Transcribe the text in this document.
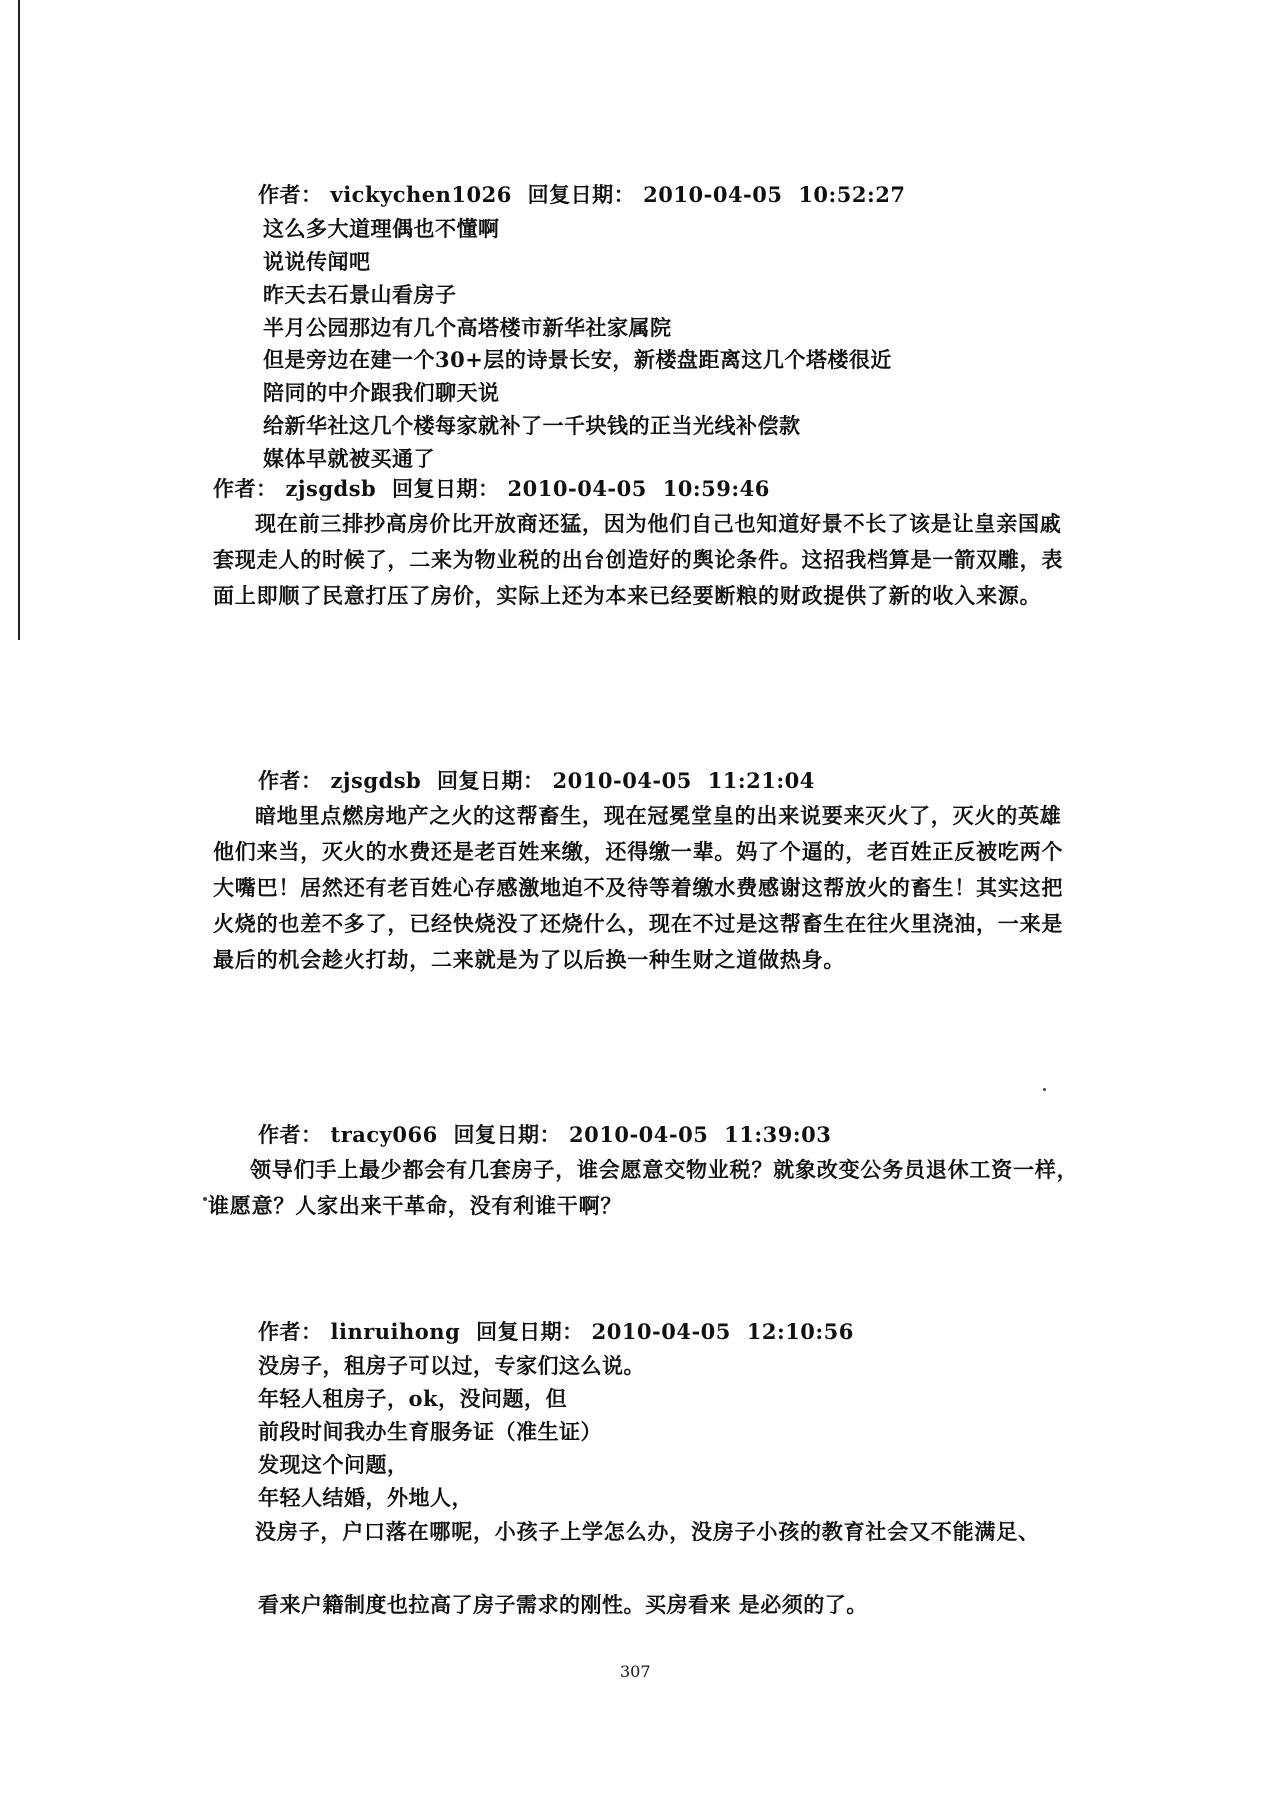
作者： vickychen1026 回复日期： 2010-04-05 10:52:27
这么多大道理偶也不懂啊
说说传闻吧
昨天去石景山看房子
半月公园那边有几个高塔楼市新华社家属院
但是旁边在建一个30+层的诗景长安，新楼盘距离这几个塔楼很近
陪同的中介跟我们聊天说
给新华社这几个楼每家就补了一千块钱的正当光线补偿款
媒体早就被买通了
作者： zjsgdsb 回复日期： 2010-04-05 10:59:46

现在前三排抄高房价比开放商还猛，因为他们自己也知道好景不长了该是让皇亲国戚套现走人的时候了，二来为物业税的出台创造好的舆论条件。这招我档算是一箭双雕，表面上即顺了民意打压了房价，实际上还为本来已经要断粮的财政提供了新的收入来源。

作者： zjsgdsb 回复日期： 2010-04-05 11:21:04

暗地里点燃房地产之火的这帮畜生，现在冠冕堂皇的出来说要来灭火了，灭火的英雄他们来当，灭火的水费还是老百姓来缴，还得缴一辈。妈了个逼的，老百姓正反被吃两个大嘴巴！居然还有老百姓心存感激地迫不及待等着缴水费感谢这帮放火的畜生！其实这把火烧的也差不多了，已经快烧没了还烧什么，现在不过是这帮畜生在往火里浇油，一来是最后的机会趁火打劫，二来就是为了以后换一种生财之道做热身。

作者： tracy066 回复日期： 2010-04-05 11:39:03

领导们手上最少都会有几套房子，谁会愿意交物业税？就象改变公务员退休工资一样，谁愿意？人家出来干革命，没有利谁干啊？

作者： linruihong 回复日期： 2010-04-05 12:10:56
没房子，租房子可以过，专家们这么说。
年轻人租房子，ok，没问题，但
前段时间我办生育服务证（准生证）
发现这个问题，
年轻人结婚，外地人，

没房子，户口落在哪呢，小孩子上学怎么办，没房子小孩的教育社会又不能满足、

看来户籍制度也拉高了房子需求的刚性。买房看来 是必须的了。
307
